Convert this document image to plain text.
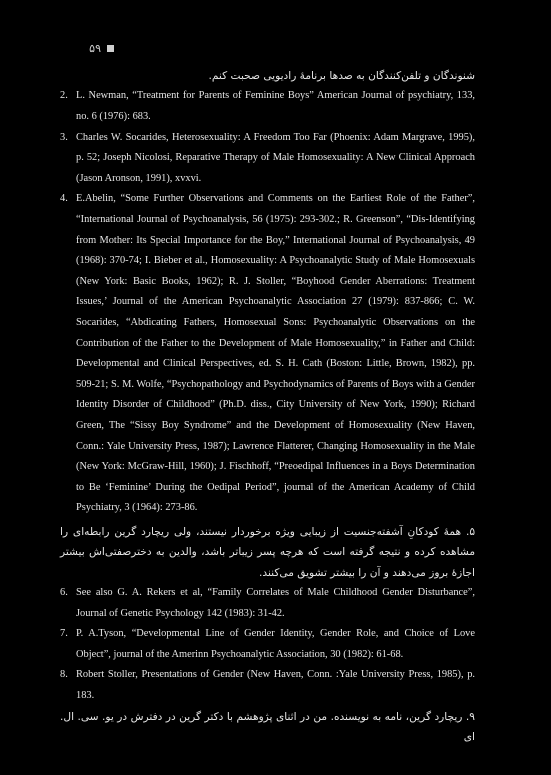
۵۹
شنوندگان و تلفن‌کنندگان به صدها برنامهٔ رادیویی صحبت کنم.
2. L. Newman, “Treatment for Parents of Feminine Boys” American Journal of psychiatry, 133, no. 6 (1976): 683.
3. Charles W. Socarides, Heterosexuality: A Freedom Too Far (Phoenix: Adam Margrave, 1995), p. 52; Joseph Nicolosi, Reparative Therapy of Male Homosexuality: A New Clinical Approach (Jason Aronson, 1991), xvxvi.
4. E.Abelin, “Some Further Observations and Comments on the Earliest Role of the Father”, “International Journal of Psychoanalysis, 56 (1975): 293-302.; R. Greenson”, “Dis-Identifying from Mother: Its Special Importance for the Boy,” International Journal of Psychoanalysis, 49 (1968): 370-74; I. Bieber et al., Homosexuality: A Psychoanalytic Study of Male Homosexuals (New York: Basic Books, 1962); R. J. Stoller, “Boyhood Gender Aberrations: Treatment Issues,’ Journal of the American Psychoanalytic Association 27 (1979): 837-866; C. W. Socarides, “Abdicating Fathers, Homosexual Sons: Psychoanalytic Observations on the Contribution of the Father to the Development of Male Homosexuality,” in Father and Child: Developmental and Clinical Perspectives, ed. S. H. Cath (Boston: Little, Brown, 1982), pp. 509-21; S. M. Wolfe, “Psychopathology and Psychodynamics of Parents of Boys with a Gender Identity Disorder of Childhood” (Ph.D. diss., City University of New York, 1990); Richard Green, The “Sissy Boy Syndrome” and the Development of Homosexuality (New Haven, Conn.: Yale University Press, 1987); Lawrence Flatterer, Changing Homosexuality in the Male (New York: McGraw-Hill, 1960); J. Fischhoff, “Preoedipal Influences in a Boys Determination to Be ‘Feminine’ During the Oedipal Period”, journal of the American Academy of Child Psychiatry, 3 (1964): 273-86.
۵. همهٔ کودکانِ آشفته‌جنسیت از زیبایی ویژه برخوردار نیستند، ولی ریچارد گرین رابطه‌ای را مشاهده کرده و نتیجه گرفته است که هرچه پسر زیباتر باشد، والدین به دخترصفتی‌اش بیشتر اجازهٔ بروز می‌دهند و آن را بیشتر تشویق می‌کنند.
6. See also G. A. Rekers et al, “Family Correlates of Male Childhood Gender Disturbance”, Journal of Genetic Psychology 142 (1983): 31-42.
7. P. A.Tyson, “Developmental Line of Gender Identity, Gender Role, and Choice of Love Object”, journal of the Amerinn Psychoanalytic Association, 30 (1982): 61-68.
8. Robert Stoller, Presentations of Gender (New Haven, Conn. :Yale University Press, 1985), p. 183.
۹. ریچارد گرین، نامه به نویسنده. من در اثنای پژوهشم با دکتر گرین در دفترش در یو. سی. ال. ای
